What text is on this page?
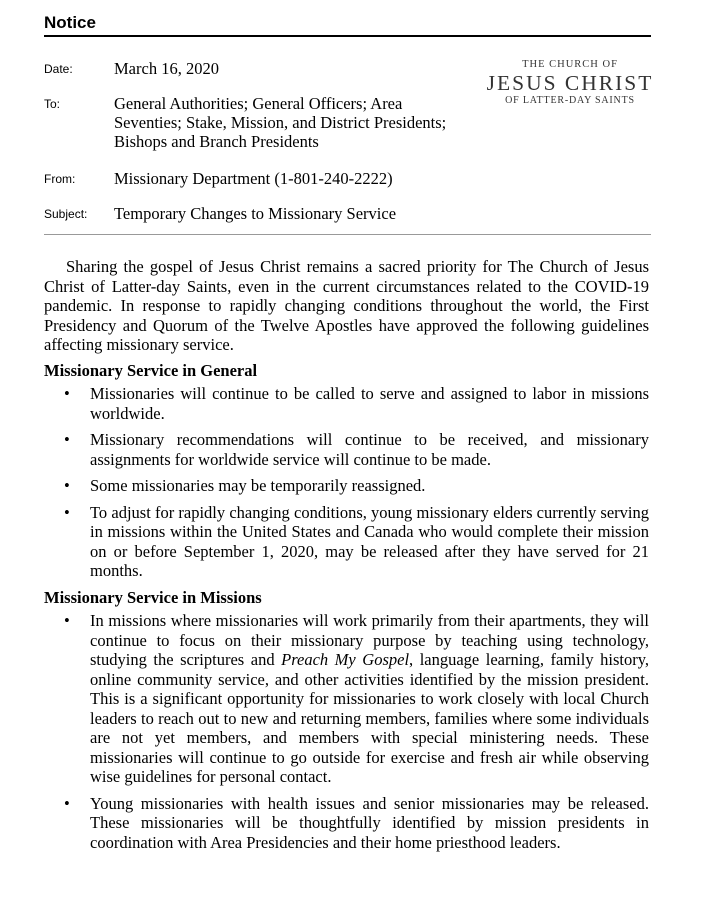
Notice
Date:	March 16, 2020
To:	General Authorities; General Officers; Area Seventies; Stake, Mission, and District Presidents; Bishops and Branch Presidents
From: Missionary Department (1-801-240-2222)
Subject: Temporary Changes to Missionary Service
THE CHURCH OF
JESUS CHRIST
OF LATTER-DAY SAINTS

Sharing the gospel of Jesus Christ remains a sacred priority for The Church of Jesus Christ of Latter-day Saints, even in the current circumstances related to the COVID-19 pandemic. In response to rapidly changing conditions throughout the world, the First Presidency and Quorum of the Twelve Apostles have approved the following guidelines affecting missionary service.

Missionary Service in General
• Missionaries will continue to be called to serve and assigned to labor in missions worldwide.
• Missionary recommendations will continue to be received, and missionary assignments for worldwide service will continue to be made.
• Some missionaries may be temporarily reassigned.
• To adjust for rapidly changing conditions, young missionary elders currently serving in missions within the United States and Canada who would complete their mission on or before September 1, 2020, may be released after they have served for 21 months.
Missionary Service in Missions
• In missions where missionaries will work primarily from their apartments, they will continue to focus on their missionary purpose by teaching using technology, studying the scriptures and Preach My Gospel, language learning, family history, online community service, and other activities identified by the mission president. This is a significant opportunity for missionaries to work closely with local Church leaders to reach out to new and returning members, families where some individuals are not yet members, and members with special ministering needs. These missionaries will continue to go outside for exercise and fresh air while observing wise guidelines for personal contact.
• Young missionaries with health issues and senior missionaries may be released. These missionaries will be thoughtfully identified by mission presidents in coordination with Area Presidencies and their home priesthood leaders.
